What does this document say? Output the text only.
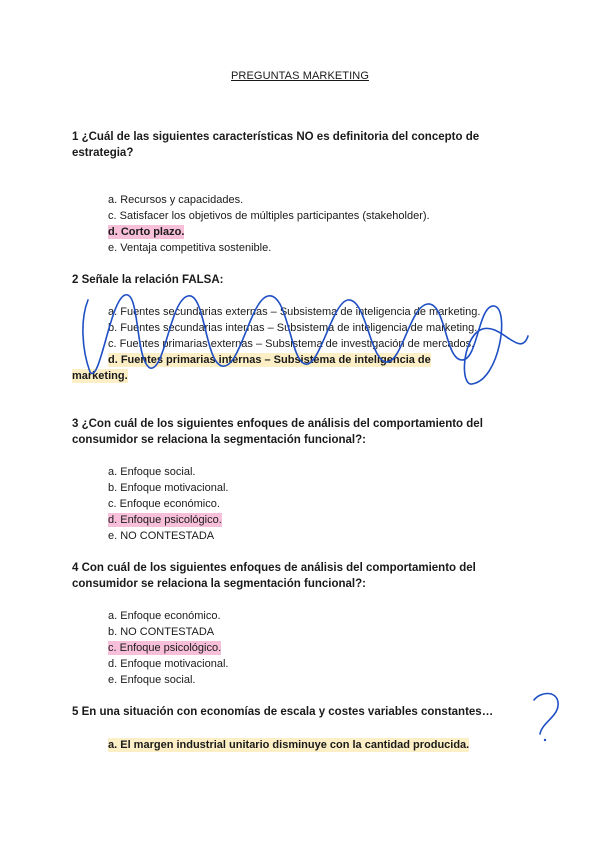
PREGUNTAS MARKETING
1 ¿Cuál de las siguientes características NO es definitoria del concepto de estrategia?
a. Recursos y capacidades.
c. Satisfacer los objetivos de múltiples participantes (stakeholder).
d. Corto plazo.
e. Ventaja competitiva sostenible.
2 Señale la relación FALSA:
a. Fuentes secundarias externas – Subsistema de inteligencia de marketing.
b. Fuentes secundarias internas – Subsistema de inteligencia de marketing.
c. Fuentes primarias externas – Subsistema de investigación de mercados.
d. Fuentes primarias internas – Subsistema de inteligencia de
marketing.
3 ¿Con cuál de los siguientes enfoques de análisis del comportamiento del consumidor se relaciona la segmentación funcional?:
a. Enfoque social.
b. Enfoque motivacional.
c. Enfoque económico.
d. Enfoque psicológico.
e. NO CONTESTADA
4 Con cuál de los siguientes enfoques de análisis del comportamiento del consumidor se relaciona la segmentación funcional?:
a. Enfoque económico.
b. NO CONTESTADA
c. Enfoque psicológico.
d. Enfoque motivacional.
e. Enfoque social.
5 En una situación con economías de escala y costes variables constantes…
a. El margen industrial unitario disminuye con la cantidad producida.
